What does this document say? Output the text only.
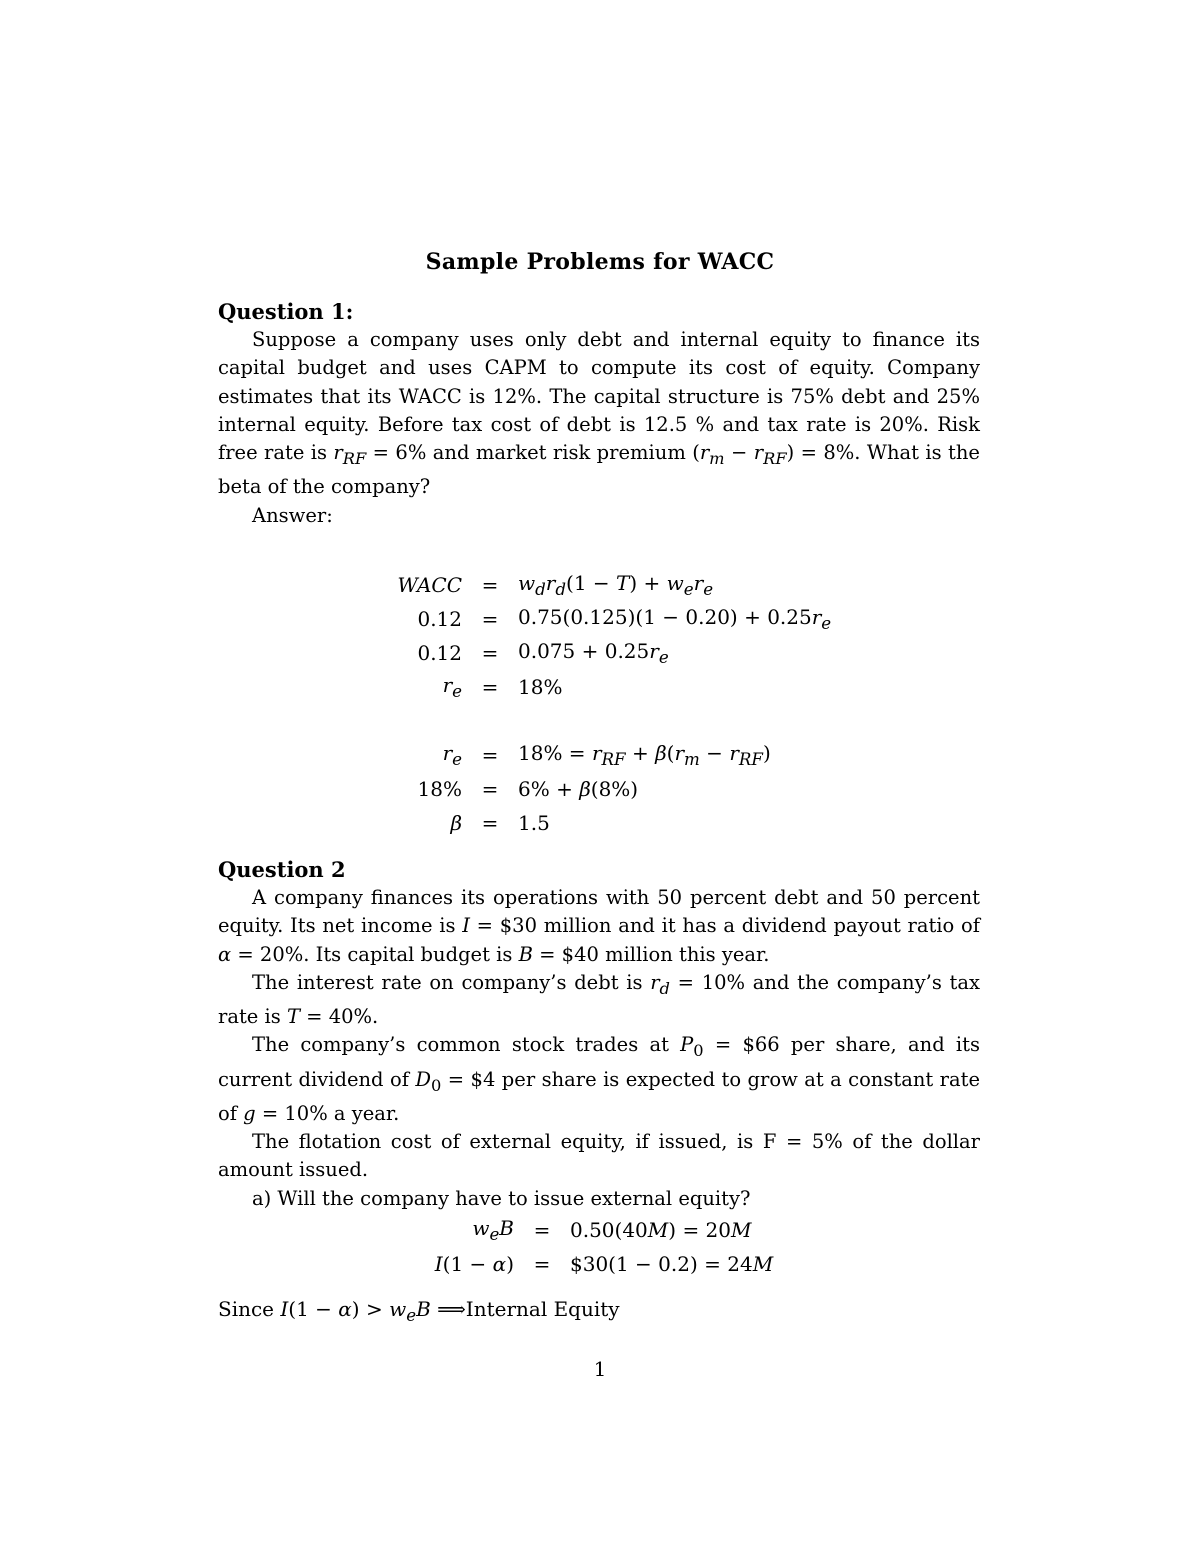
Sample Problems for WACC
Question 1:

Suppose a company uses only debt and internal equity to finance its capital budget and uses CAPM to compute its cost of equity. Company estimates that its WACC is 12%. The capital structure is 75% debt and 25% internal equity. Before tax cost of debt is 12.5 % and tax rate is 20%. Risk free rate is $r_{RF} = 6\%$ and market risk premium $(r_m - r_{RF}) = 8\%$. What is the beta of the company?

Answer:

WACC	=	$w_dr_d(1 - T) + w_er_e$
0.12	=	$0.75(0.125)(1 - 0.20) + 0.25r_e$
0.12	=	$0.075 + 0.25r_e$
$r_e$	=	18%

$r_e$	=	$18\% = r_{RF} + \beta(r_m - r_{RF})$
18%	=	6% + β(8%)
β	=	1.5
Question 2

A company finances its operations with 50 percent debt and 50 percent equity. Its net income is I = $30 million and it has a dividend payout ratio of α = 20%. Its capital budget is B = $40 million this year.

The interest rate on company’s debt is $r_d = 10\%$ and the company’s tax rate is T = 40%.

The company’s common stock trades at $P_0$ = $66 per share, and its current dividend of $D_0$ = $4 per share is expected to grow at a constant rate of g = 10% a year.

The flotation cost of external equity, if issued, is F = 5% of the dollar amount issued.

a) Will the company have to issue external equity?

$w_eB$	=	0.50(40M) = 20M
I(1 − α)	=	$30(1 − 0.2) = 24M
Since $I(1 - \alpha) > w_eB$ ⟹Internal Equity
1
